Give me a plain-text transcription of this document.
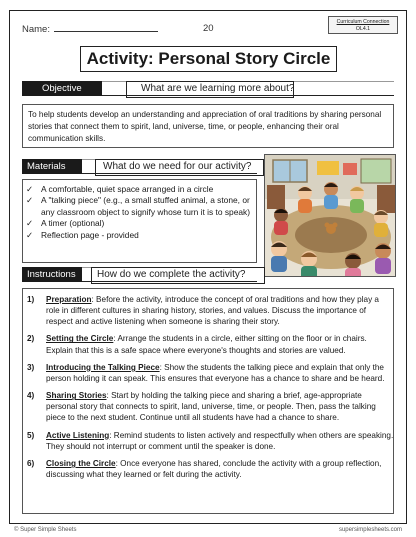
Name:	20
Curriculum Connection
OL4.1
Activity: Personal Story Circle
Objective	What are we learning more about?
To help students develop an understanding and appreciation of oral traditions by sharing personal stories that connect them to spirit, land, universe, time, or people, enhancing their oral communication skills.
Materials	What do we need for our activity?
✓ A comfortable, quiet space arranged in a circle
✓ A "talking piece" (e.g., a small stuffed animal, a stone, or any classroom object to signify whose turn it is to speak)
✓ A timer (optional)
✓ Reflection page - provided
Instructions	How do we complete the activity?
1)	Preparation: Before the activity, introduce the concept of oral traditions and how they play a role in different cultures in sharing history, stories, and values. Discuss the importance of respect and active listening when someone is sharing their story.
2)	Setting the Circle: Arrange the students in a circle, either sitting on the floor or in chairs. Explain that this is a safe space where everyone's thoughts and stories are valued.
3)	Introducing the Talking Piece: Show the students the talking piece and explain that only the person holding it can speak. This ensures that everyone has a chance to share and be heard.
4)	Sharing Stories: Start by holding the talking piece and sharing a brief, age-appropriate personal story that connects to spirit, land, universe, time, or people. Then, pass the talking piece to the next student. Continue until all students have had a chance to share.
5)	Active Listening: Remind students to listen actively and respectfully when others are speaking. They should not interrupt or comment until the speaker is done.
6)	Closing the Circle: Once everyone has shared, conclude the activity with a group reflection, discussing what they learned or felt during the activity.
© Super Simple Sheets	supersimplesheets.com
